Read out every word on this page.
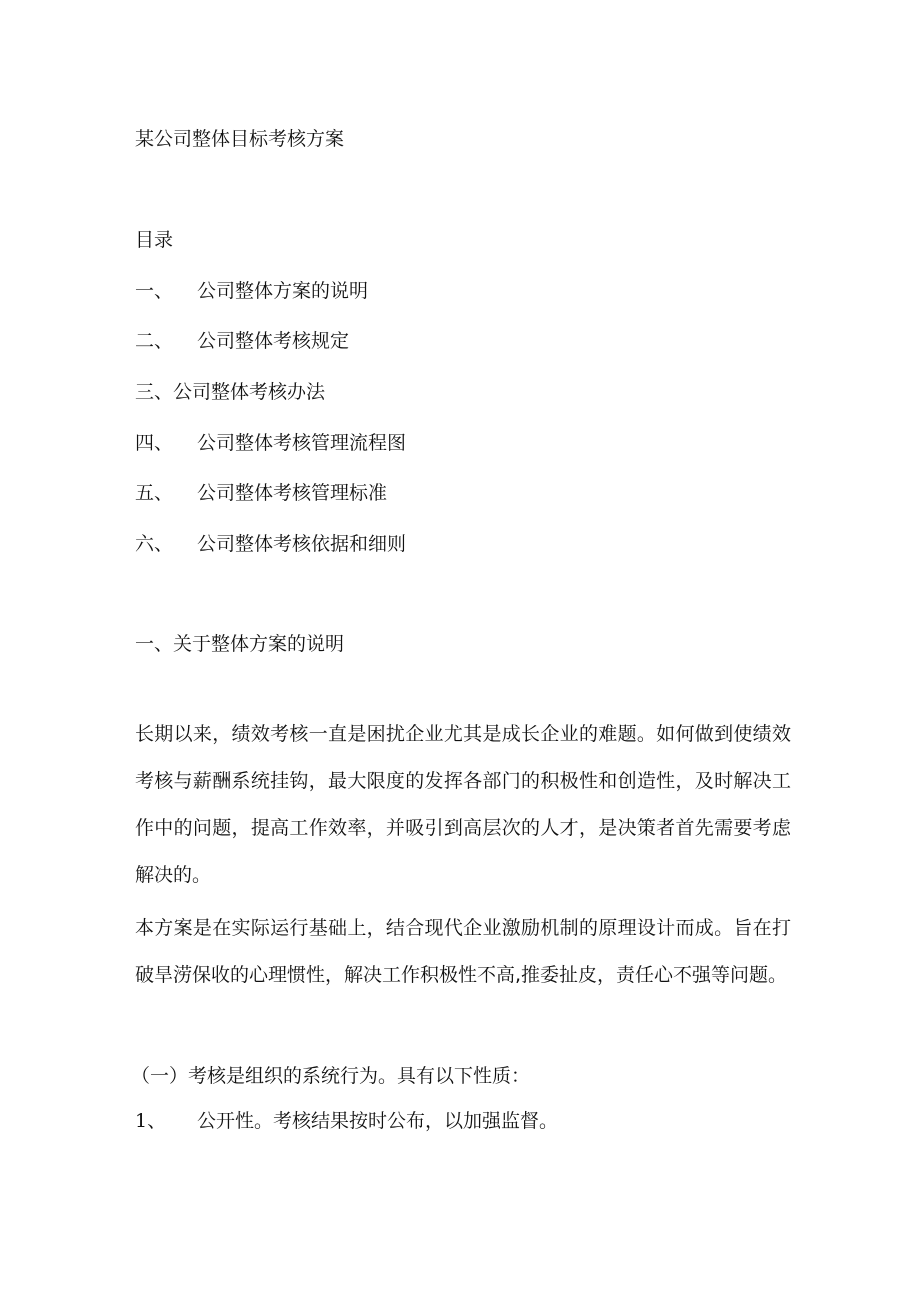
某公司整体目标考核方案
目录
一、 公司整体方案的说明
二、 公司整体考核规定
三、公司整体考核办法
四、 公司整体考核管理流程图
五、 公司整体考核管理标准
六、 公司整体考核依据和细则
一、关于整体方案的说明

长期以来，绩效考核一直是困扰企业尤其是成长企业的难题。如何做到使绩效考核与薪酬系统挂钩，最大限度的发挥各部门的积极性和创造性，及时解决工作中的问题，提高工作效率，并吸引到高层次的人才，是决策者首先需要考虑解决的。

本方案是在实际运行基础上，结合现代企业激励机制的原理设计而成。旨在打破旱涝保收的心理惯性，解决工作积极性不高,推委扯皮，责任心不强等问题。

（一）考核是组织的系统行为。具有以下性质：
1、 公开性。考核结果按时公布，以加强监督。
